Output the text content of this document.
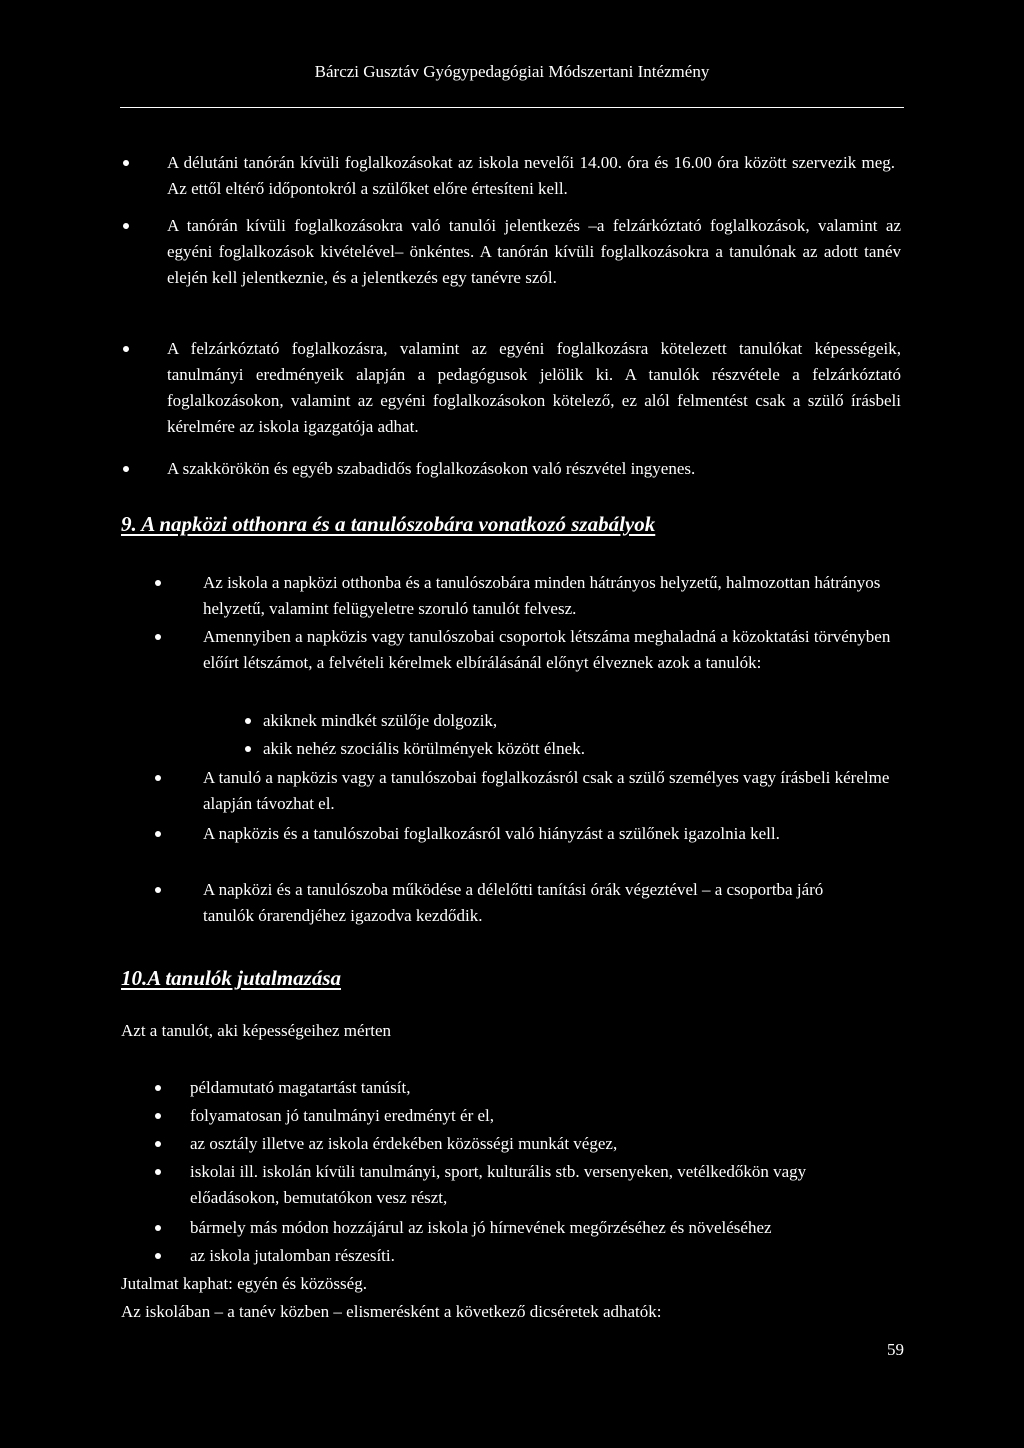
Bárczi Gusztáv Gyógypedagógiai Módszertani Intézmény
A délutáni tanórán kívüli foglalkozásokat az iskola nevelői 14.00. óra és 16.00 óra között szervezik meg. Az ettől eltérő időpontokról a szülőket előre értesíteni kell.
A tanórán kívüli foglalkozásokra való tanulói jelentkezés –a felzárkóztató foglalkozások, valamint az egyéni foglalkozások kivételével– önkéntes. A tanórán kívüli foglalkozásokra a tanulónak az adott tanév elején kell jelentkeznie, és a jelentkezés egy tanévre szól.
A felzárkóztató foglalkozásra, valamint az egyéni foglalkozásra kötelezett tanulókat képességeik, tanulmányi eredményeik alapján a pedagógusok jelölik ki. A tanulók részvétele a felzárkóztató foglalkozásokon, valamint az egyéni foglalkozásokon kötelező, ez alól felmentést csak a szülő írásbeli kérelmére az iskola igazgatója adhat.
A szakkörökön és egyéb szabadidős foglalkozásokon való részvétel ingyenes.
9. A napközi otthonra és a tanulószobára vonatkozó szabályok
Az iskola a napközi otthonba és a tanulószobára minden hátrányos helyzetű, halmozottan hátrányos helyzetű, valamint felügyeletre szoruló tanulót felvesz.
Amennyiben a napközis vagy tanulószobai csoportok létszáma meghaladná a közoktatási törvényben előírt létszámot, a felvételi kérelmek elbírálásánál előnyt élveznek azok a tanulók:
akiknek mindkét szülője dolgozik,
akik nehéz szociális körülmények között élnek.
A tanuló a napközis vagy a tanulószobai foglalkozásról csak a szülő személyes vagy írásbeli kérelme alapján távozhat el.
A napközis és a tanulószobai foglalkozásról való hiányzást a szülőnek igazolnia kell.
A napközi és a tanulószoba működése a délelőtti tanítási órák végeztével – a csoportba járó tanulók órarendjéhez igazodva kezdődik.
10.A tanulók jutalmazása
Azt a tanulót, aki képességeihez mérten
példamutató magatartást tanúsít,
folyamatosan jó tanulmányi eredményt ér el,
az osztály illetve az iskola érdekében közösségi munkát végez,
iskolai ill. iskolán kívüli tanulmányi, sport, kulturális stb. versenyeken, vetélkedőkön vagy előadásokon, bemutatókon vesz részt,
bármely más módon hozzájárul az iskola jó hírnevének megőrzéséhez és növeléséhez
az iskola jutalomban részesíti.
Jutalmat kaphat: egyén és közösség.
Az iskolában – a tanév közben – elismerésként a következő dicséretek adhatók:
59
